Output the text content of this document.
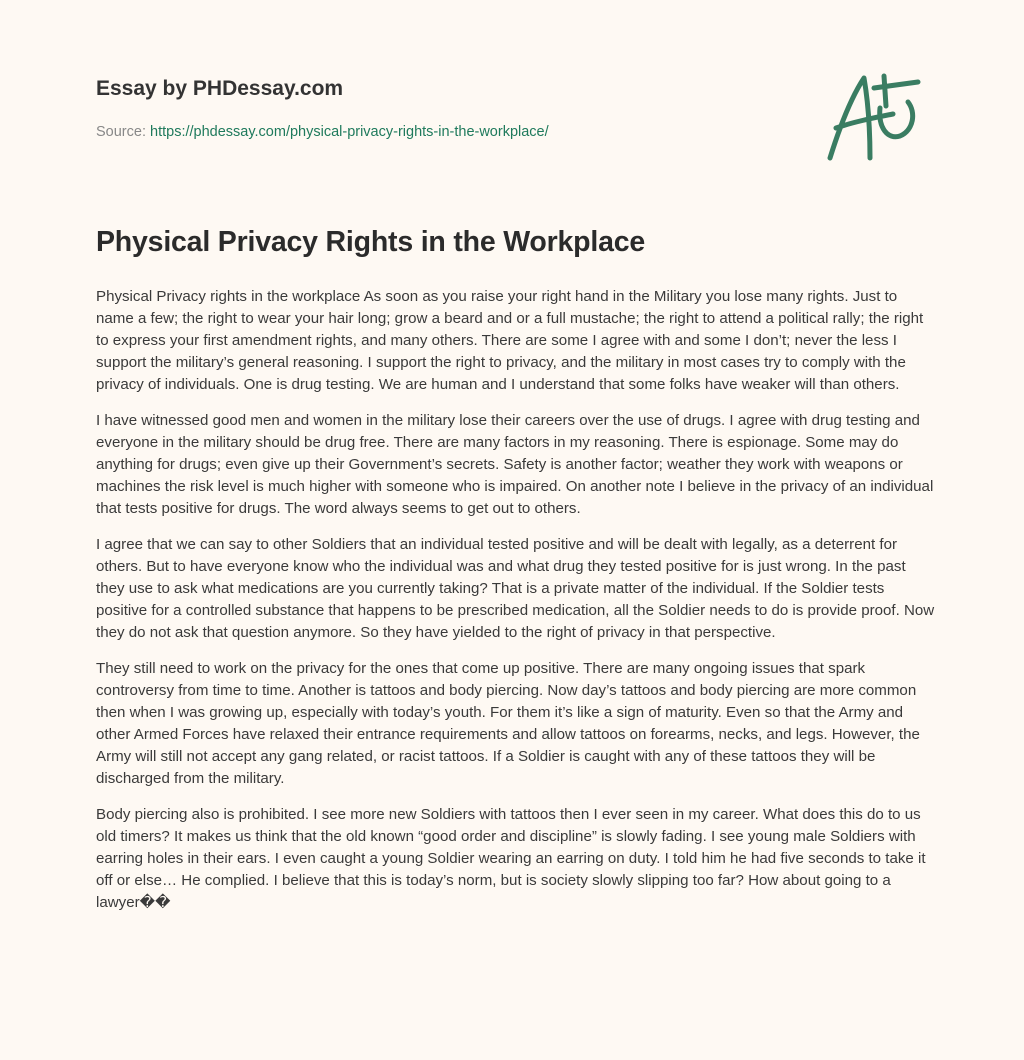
Essay by PHDessay.com
Source: https://phdessay.com/physical-privacy-rights-in-the-workplace/
Physical Privacy Rights in the Workplace

Physical Privacy rights in the workplace As soon as you raise your right hand in the Military you lose many rights. Just to name a few; the right to wear your hair long; grow a beard and or a full mustache; the right to attend a political rally; the right to express your first amendment rights, and many others. There are some I agree with and some I don’t; never the less I support the military’s general reasoning. I support the right to privacy, and the military in most cases try to comply with the privacy of individuals. One is drug testing. We are human and I understand that some folks have weaker will than others.

I have witnessed good men and women in the military lose their careers over the use of drugs. I agree with drug testing and everyone in the military should be drug free. There are many factors in my reasoning. There is espionage. Some may do anything for drugs; even give up their Government’s secrets. Safety is another factor; weather they work with weapons or machines the risk level is much higher with someone who is impaired. On another note I believe in the privacy of an individual that tests positive for drugs. The word always seems to get out to others.

I agree that we can say to other Soldiers that an individual tested positive and will be dealt with legally, as a deterrent for others. But to have everyone know who the individual was and what drug they tested positive for is just wrong. In the past they use to ask what medications are you currently taking? That is a private matter of the individual. If the Soldier tests positive for a controlled substance that happens to be prescribed medication, all the Soldier needs to do is provide proof. Now they do not ask that question anymore. So they have yielded to the right of privacy in that perspective.

They still need to work on the privacy for the ones that come up positive. There are many ongoing issues that spark controversy from time to time. Another is tattoos and body piercing. Now day’s tattoos and body piercing are more common then when I was growing up, especially with today’s youth. For them it’s like a sign of maturity. Even so that the Army and other Armed Forces have relaxed their entrance requirements and allow tattoos on forearms, necks, and legs. However, the Army will still not accept any gang related, or racist tattoos. If a Soldier is caught with any of these tattoos they will be discharged from the military.

Body piercing also is prohibited. I see more new Soldiers with tattoos then I ever seen in my career. What does this do to us old timers? It makes us think that the old known “good order and discipline” is slowly fading. I see young male Soldiers with earring holes in their ears. I even caught a young Soldier wearing an earring on duty. I told him he had five seconds to take it off or else… He complied. I believe that this is today’s norm, but is society slowly slipping too far? How about going to a lawyer��
